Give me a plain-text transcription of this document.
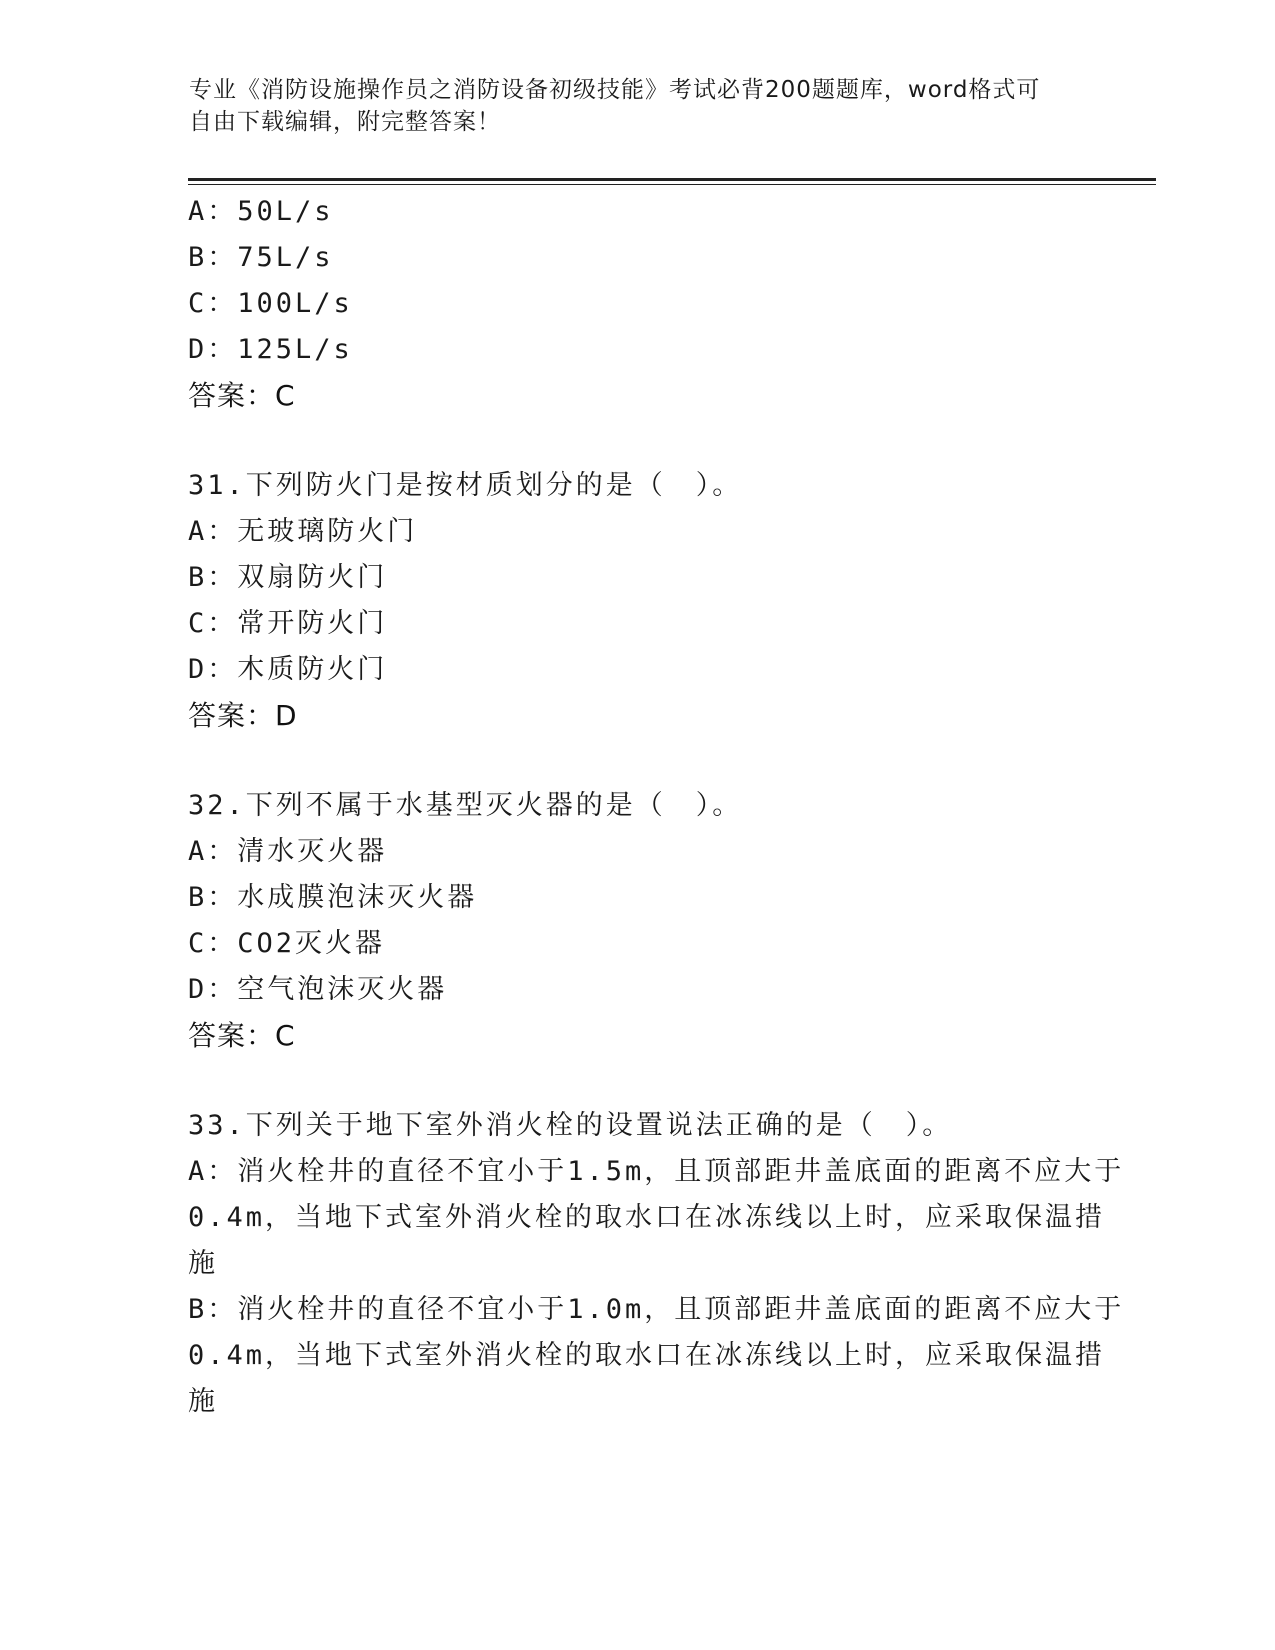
专业《消防设施操作员之消防设备初级技能》考试必背200题题库，word格式可
自由下载编辑，附完整答案！
A：50L/s
B：75L/s
C：100L/s
D：125L/s
答案：C
31.下列防火门是按材质划分的是（　）。
A：无玻璃防火门
B：双扇防火门
C：常开防火门
D：木质防火门
答案：D
32.下列不属于水基型灭火器的是（　）。
A：清水灭火器
B：水成膜泡沫灭火器
C：CO2灭火器
D：空气泡沫灭火器
答案：C
33.下列关于地下室外消火栓的设置说法正确的是（　）。
A：消火栓井的直径不宜小于1.5m，且顶部距井盖底面的距离不应大于
0.4m，当地下式室外消火栓的取水口在冰冻线以上时，应采取保温措
施
B：消火栓井的直径不宜小于1.0m，且顶部距井盖底面的距离不应大于
0.4m，当地下式室外消火栓的取水口在冰冻线以上时，应采取保温措
施
